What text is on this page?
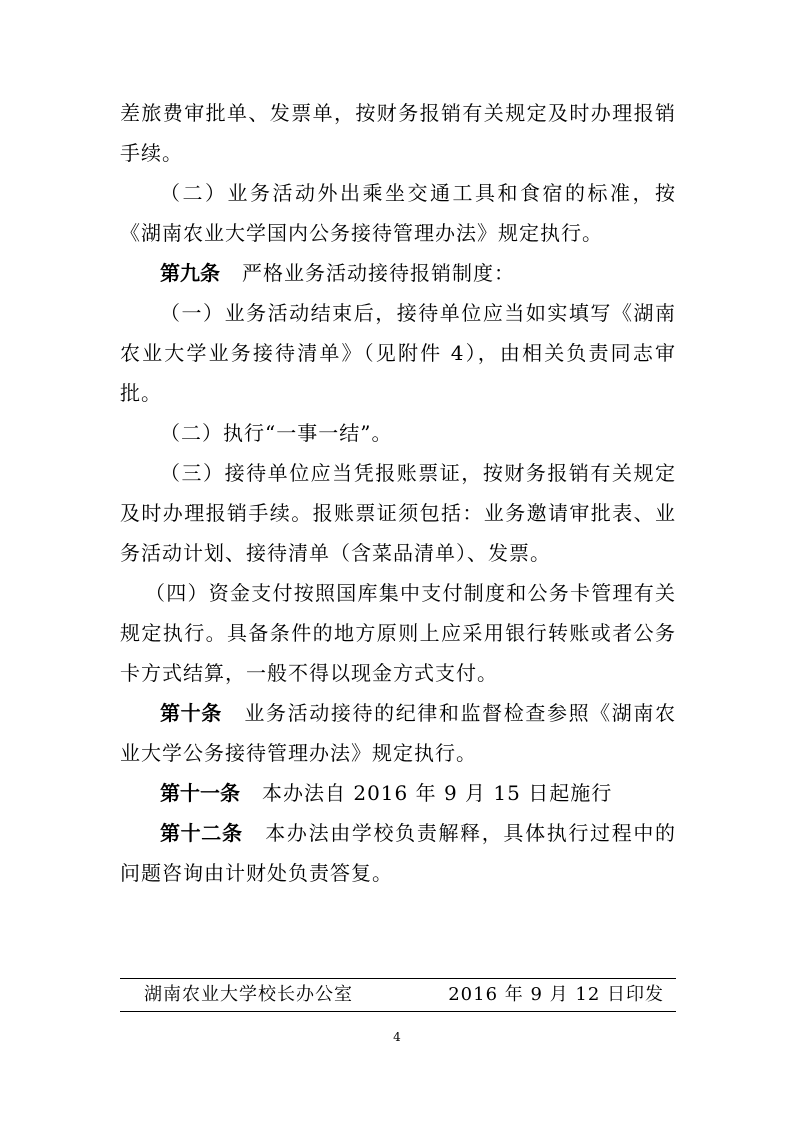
差旅费审批单、发票单，按财务报销有关规定及时办理报销手续。

（二）业务活动外出乘坐交通工具和食宿的标准，按《湖南农业大学国内公务接待管理办法》规定执行。

第九条 严格业务活动接待报销制度：

（一）业务活动结束后，接待单位应当如实填写《湖南农业大学业务接待清单》（见附件 4），由相关负责同志审批。

（二）执行“一事一结”。

（三）接待单位应当凭报账票证，按财务报销有关规定及时办理报销手续。报账票证须包括：业务邀请审批表、业务活动计划、接待清单（含菜品清单）、发票。

（四）资金支付按照国库集中支付制度和公务卡管理有关规定执行。具备条件的地方原则上应采用银行转账或者公务卡方式结算，一般不得以现金方式支付。

第十条 业务活动接待的纪律和监督检查参照《湖南农业大学公务接待管理办法》规定执行。

第十一条 本办法自 2016 年 9 月 15 日起施行

第十二条 本办法由学校负责解释，具体执行过程中的问题咨询由计财处负责答复。

湖南农业大学校长办公室	2016 年 9 月 12 日印发
4
